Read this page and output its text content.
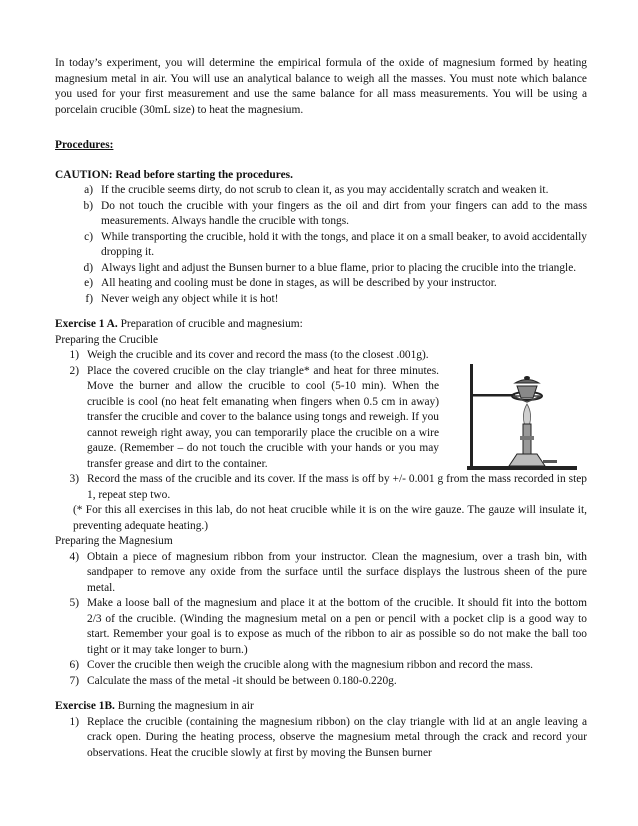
In today’s experiment, you will determine the empirical formula of the oxide of magnesium formed by heating magnesium metal in air. You will use an analytical balance to weigh all the masses. You must note which balance you used for your first measurement and use the same balance for all mass measurements. You will be using a porcelain crucible (30mL size) to heat the magnesium.

Procedures:

CAUTION: Read before starting the procedures.

a) If the crucible seems dirty, do not scrub to clean it, as you may accidentally scratch and weaken it.
b) Do not touch the crucible with your fingers as the oil and dirt from your fingers can add to the mass measurements. Always handle the crucible with tongs.
c) While transporting the crucible, hold it with the tongs, and place it on a small beaker, to avoid accidentally dropping it.
d) Always light and adjust the Bunsen burner to a blue flame, prior to placing the crucible into the triangle.
e) All heating and cooling must be done in stages, as will be described by your instructor.
f) Never weigh any object while it is hot!

Exercise 1 A. Preparation of crucible and magnesium:

Preparing the Crucible

1) Weigh the crucible and its cover and record the mass (to the closest .001g).
2) Place the covered crucible on the clay triangle* and heat for three minutes. Move the burner and allow the crucible to cool (5-10 min). When the crucible is cool (no heat felt emanating when fingers when 0.5 cm in away) transfer the crucible and cover to the balance using tongs and reweigh. If you cannot reweigh right away, you can temporarily place the crucible on a wire gauze. (Remember – do not touch the crucible with your hands or you may transfer grease and dirt to the container.
3) Record the mass of the crucible and its cover. If the mass is off by +/- 0.001 g from the mass recorded in step 1, repeat step two.

(* For this all exercises in this lab, do not heat crucible while it is on the wire gauze. The gauze will insulate it, preventing adequate heating.)

Preparing the Magnesium

4) Obtain a piece of magnesium ribbon from your instructor. Clean the magnesium, over a trash bin, with sandpaper to remove any oxide from the surface until the surface displays the lustrous sheen of the pure metal.
5) Make a loose ball of the magnesium and place it at the bottom of the crucible. It should fit into the bottom 2/3 of the crucible. (Winding the magnesium metal on a pen or pencil with a pocket clip is a good way to start. Remember your goal is to expose as much of the ribbon to air as possible so do not make the ball too tight or it may take longer to burn.)
6) Cover the crucible then weigh the crucible along with the magnesium ribbon and record the mass.
7) Calculate the mass of the metal -it should be between 0.180-0.220g.

Exercise 1B. Burning the magnesium in air

1) Replace the crucible (containing the magnesium ribbon) on the clay triangle with lid at an angle leaving a crack open. During the heating process, observe the magnesium metal through the crack and record your observations. Heat the crucible slowly at first by moving the Bunsen burner
